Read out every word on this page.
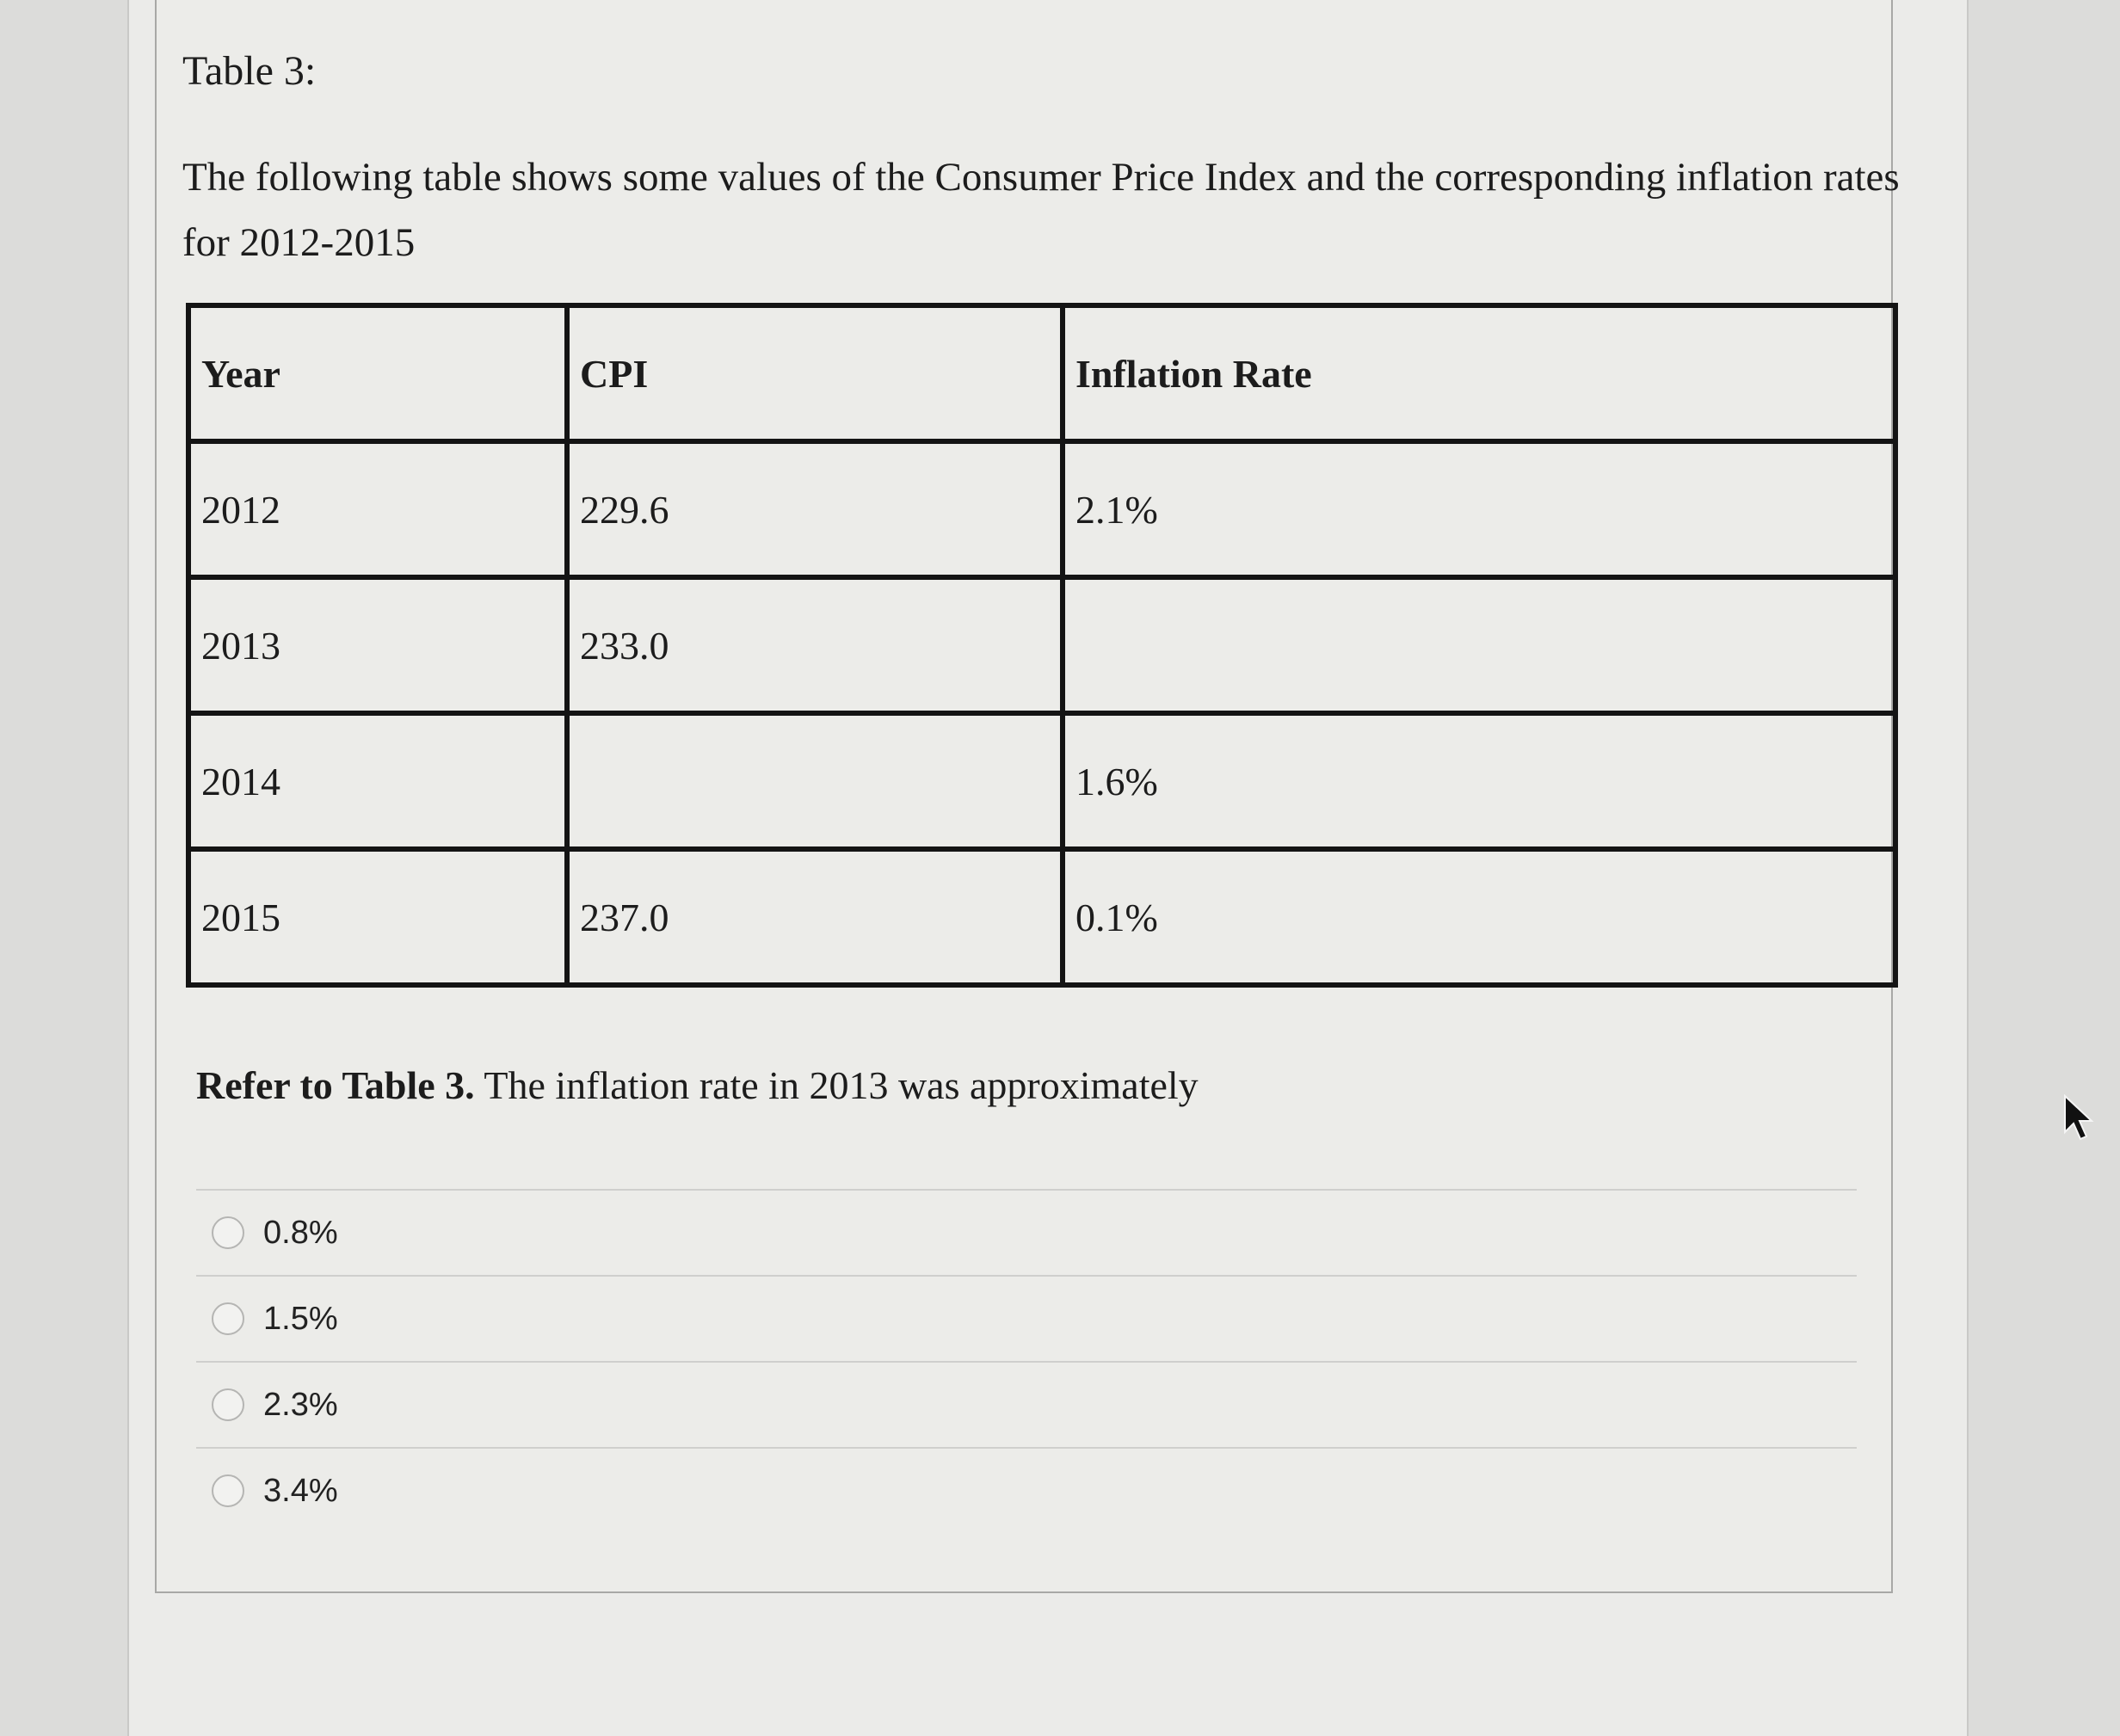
Table 3:

The following table shows some values of the Consumer Price Index and the corresponding inflation rates for 2012-2015

Year	CPI	Inflation Rate
2012	229.6	2.1%
2013	233.0	
2014		1.6%
2015	237.0	0.1%

Refer to Table 3. The inflation rate in 2013 was approximately

0.8%
1.5%
2.3%
3.4%
